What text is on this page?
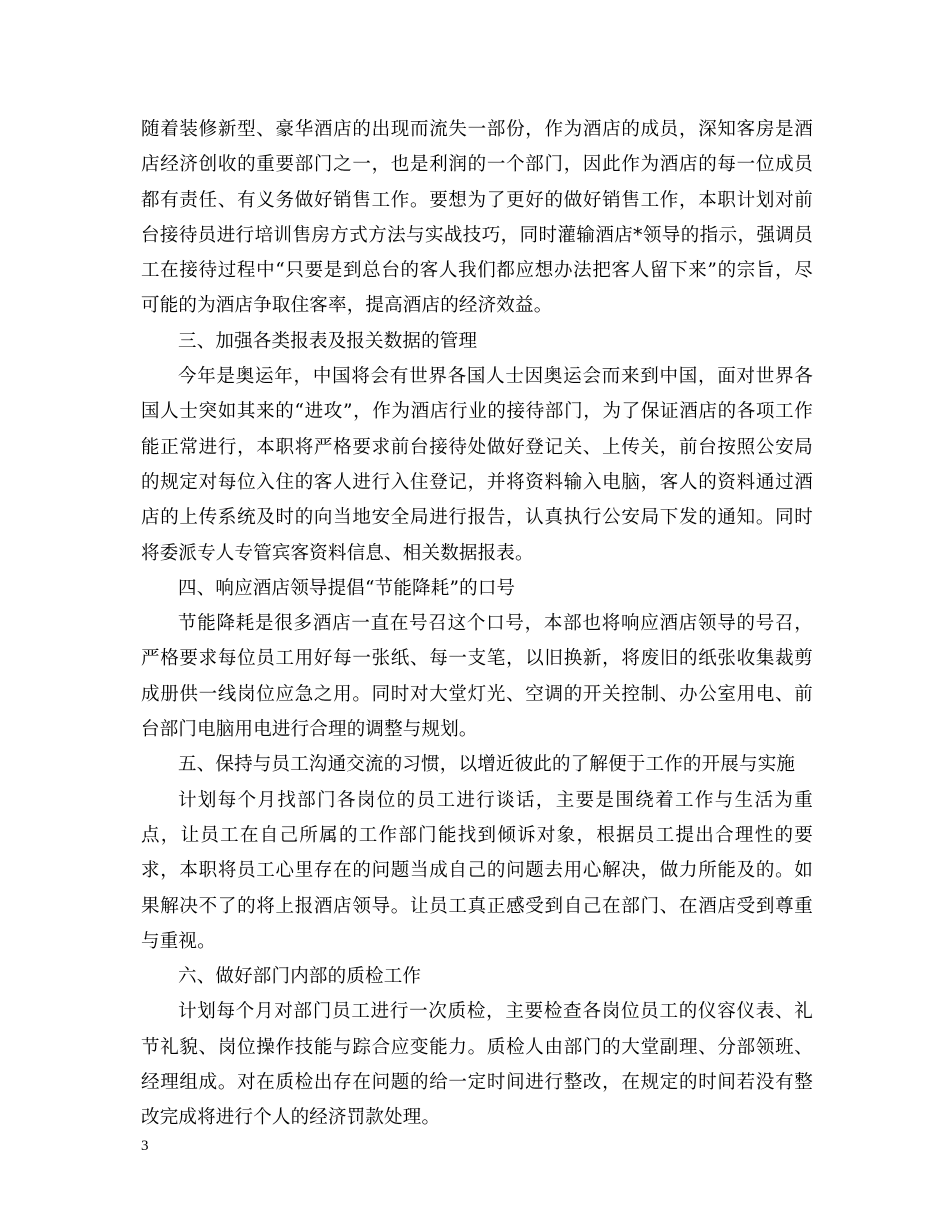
随着装修新型、豪华酒店的出现而流失一部份，作为酒店的成员，深知客房是酒店经济创收的重要部门之一，也是利润的一个部门，因此作为酒店的每一位成员都有责任、有义务做好销售工作。要想为了更好的做好销售工作，本职计划对前台接待员进行培训售房方式方法与实战技巧，同时灌输酒店*领导的指示，强调员工在接待过程中“只要是到总台的客人我们都应想办法把客人留下来”的宗旨，尽可能的为酒店争取住客率，提高酒店的经济效益。

三、加强各类报表及报关数据的管理

今年是奥运年，中国将会有世界各国人士因奥运会而来到中国，面对世界各国人士突如其来的“进攻”，作为酒店行业的接待部门，为了保证酒店的各项工作能正常进行，本职将严格要求前台接待处做好登记关、上传关，前台按照公安局的规定对每位入住的客人进行入住登记，并将资料输入电脑，客人的资料通过酒店的上传系统及时的向当地安全局进行报告，认真执行公安局下发的通知。同时将委派专人专管宾客资料信息、相关数据报表。

四、响应酒店领导提倡“节能降耗”的口号

节能降耗是很多酒店一直在号召这个口号，本部也将响应酒店领导的号召，严格要求每位员工用好每一张纸、每一支笔，以旧换新，将废旧的纸张收集裁剪成册供一线岗位应急之用。同时对大堂灯光、空调的开关控制、办公室用电、前台部门电脑用电进行合理的调整与规划。

五、保持与员工沟通交流的习惯，以增近彼此的了解便于工作的开展与实施

计划每个月找部门各岗位的员工进行谈话，主要是围绕着工作与生活为重点，让员工在自己所属的工作部门能找到倾诉对象，根据员工提出合理性的要求，本职将员工心里存在的问题当成自己的问题去用心解决，做力所能及的。如果解决不了的将上报酒店领导。让员工真正感受到自己在部门、在酒店受到尊重与重视。

六、做好部门内部的质检工作

计划每个月对部门员工进行一次质检，主要检查各岗位员工的仪容仪表、礼节礼貌、岗位操作技能与踪合应变能力。质检人由部门的大堂副理、分部领班、经理组成。对在质检出存在问题的给一定时间进行整改，在规定的时间若没有整改完成将进行个人的经济罚款处理。

3
